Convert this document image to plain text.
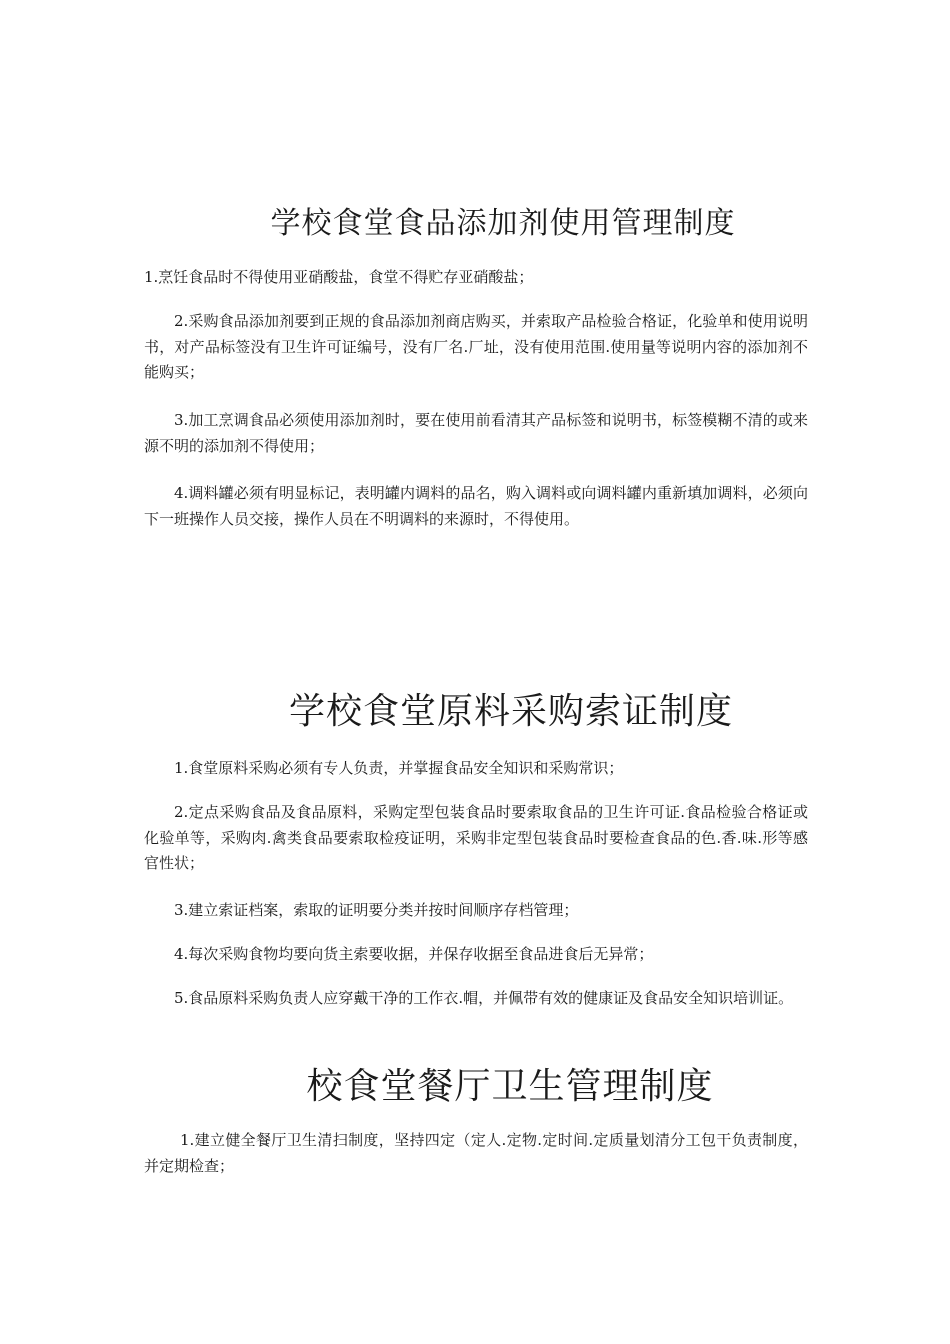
学校食堂食品添加剂使用管理制度

1.烹饪食品时不得使用亚硝酸盐，食堂不得贮存亚硝酸盐；

2.采购食品添加剂要到正规的食品添加剂商店购买，并索取产品检验合格证，化验单和使用说明书，对产品标签没有卫生许可证编号，没有厂名.厂址，没有使用范围.使用量等说明内容的添加剂不能购买；

3.加工烹调食品必须使用添加剂时，要在使用前看清其产品标签和说明书，标签模糊不清的或来源不明的添加剂不得使用；

4.调料罐必须有明显标记，表明罐内调料的品名，购入调料或向调料罐内重新填加调料，必须向下一班操作人员交接，操作人员在不明调料的来源时，不得使用。

学校食堂原料采购索证制度

1.食堂原料采购必须有专人负责，并掌握食品安全知识和采购常识；

2.定点采购食品及食品原料，采购定型包装食品时要索取食品的卫生许可证.食品检验合格证或化验单等，采购肉.禽类食品要索取检疫证明，采购非定型包装食品时要检查食品的色.香.味.形等感官性状；

3.建立索证档案，索取的证明要分类并按时间顺序存档管理；

4.每次采购食物均要向货主索要收据，并保存收据至食品进食后无异常；

5.食品原料采购负责人应穿戴干净的工作衣.帽，并佩带有效的健康证及食品安全知识培训证。

校食堂餐厅卫生管理制度

1.建立健全餐厅卫生清扫制度，坚持四定（定人.定物.定时间.定质量划清分工包干负责制度，并定期检查；
